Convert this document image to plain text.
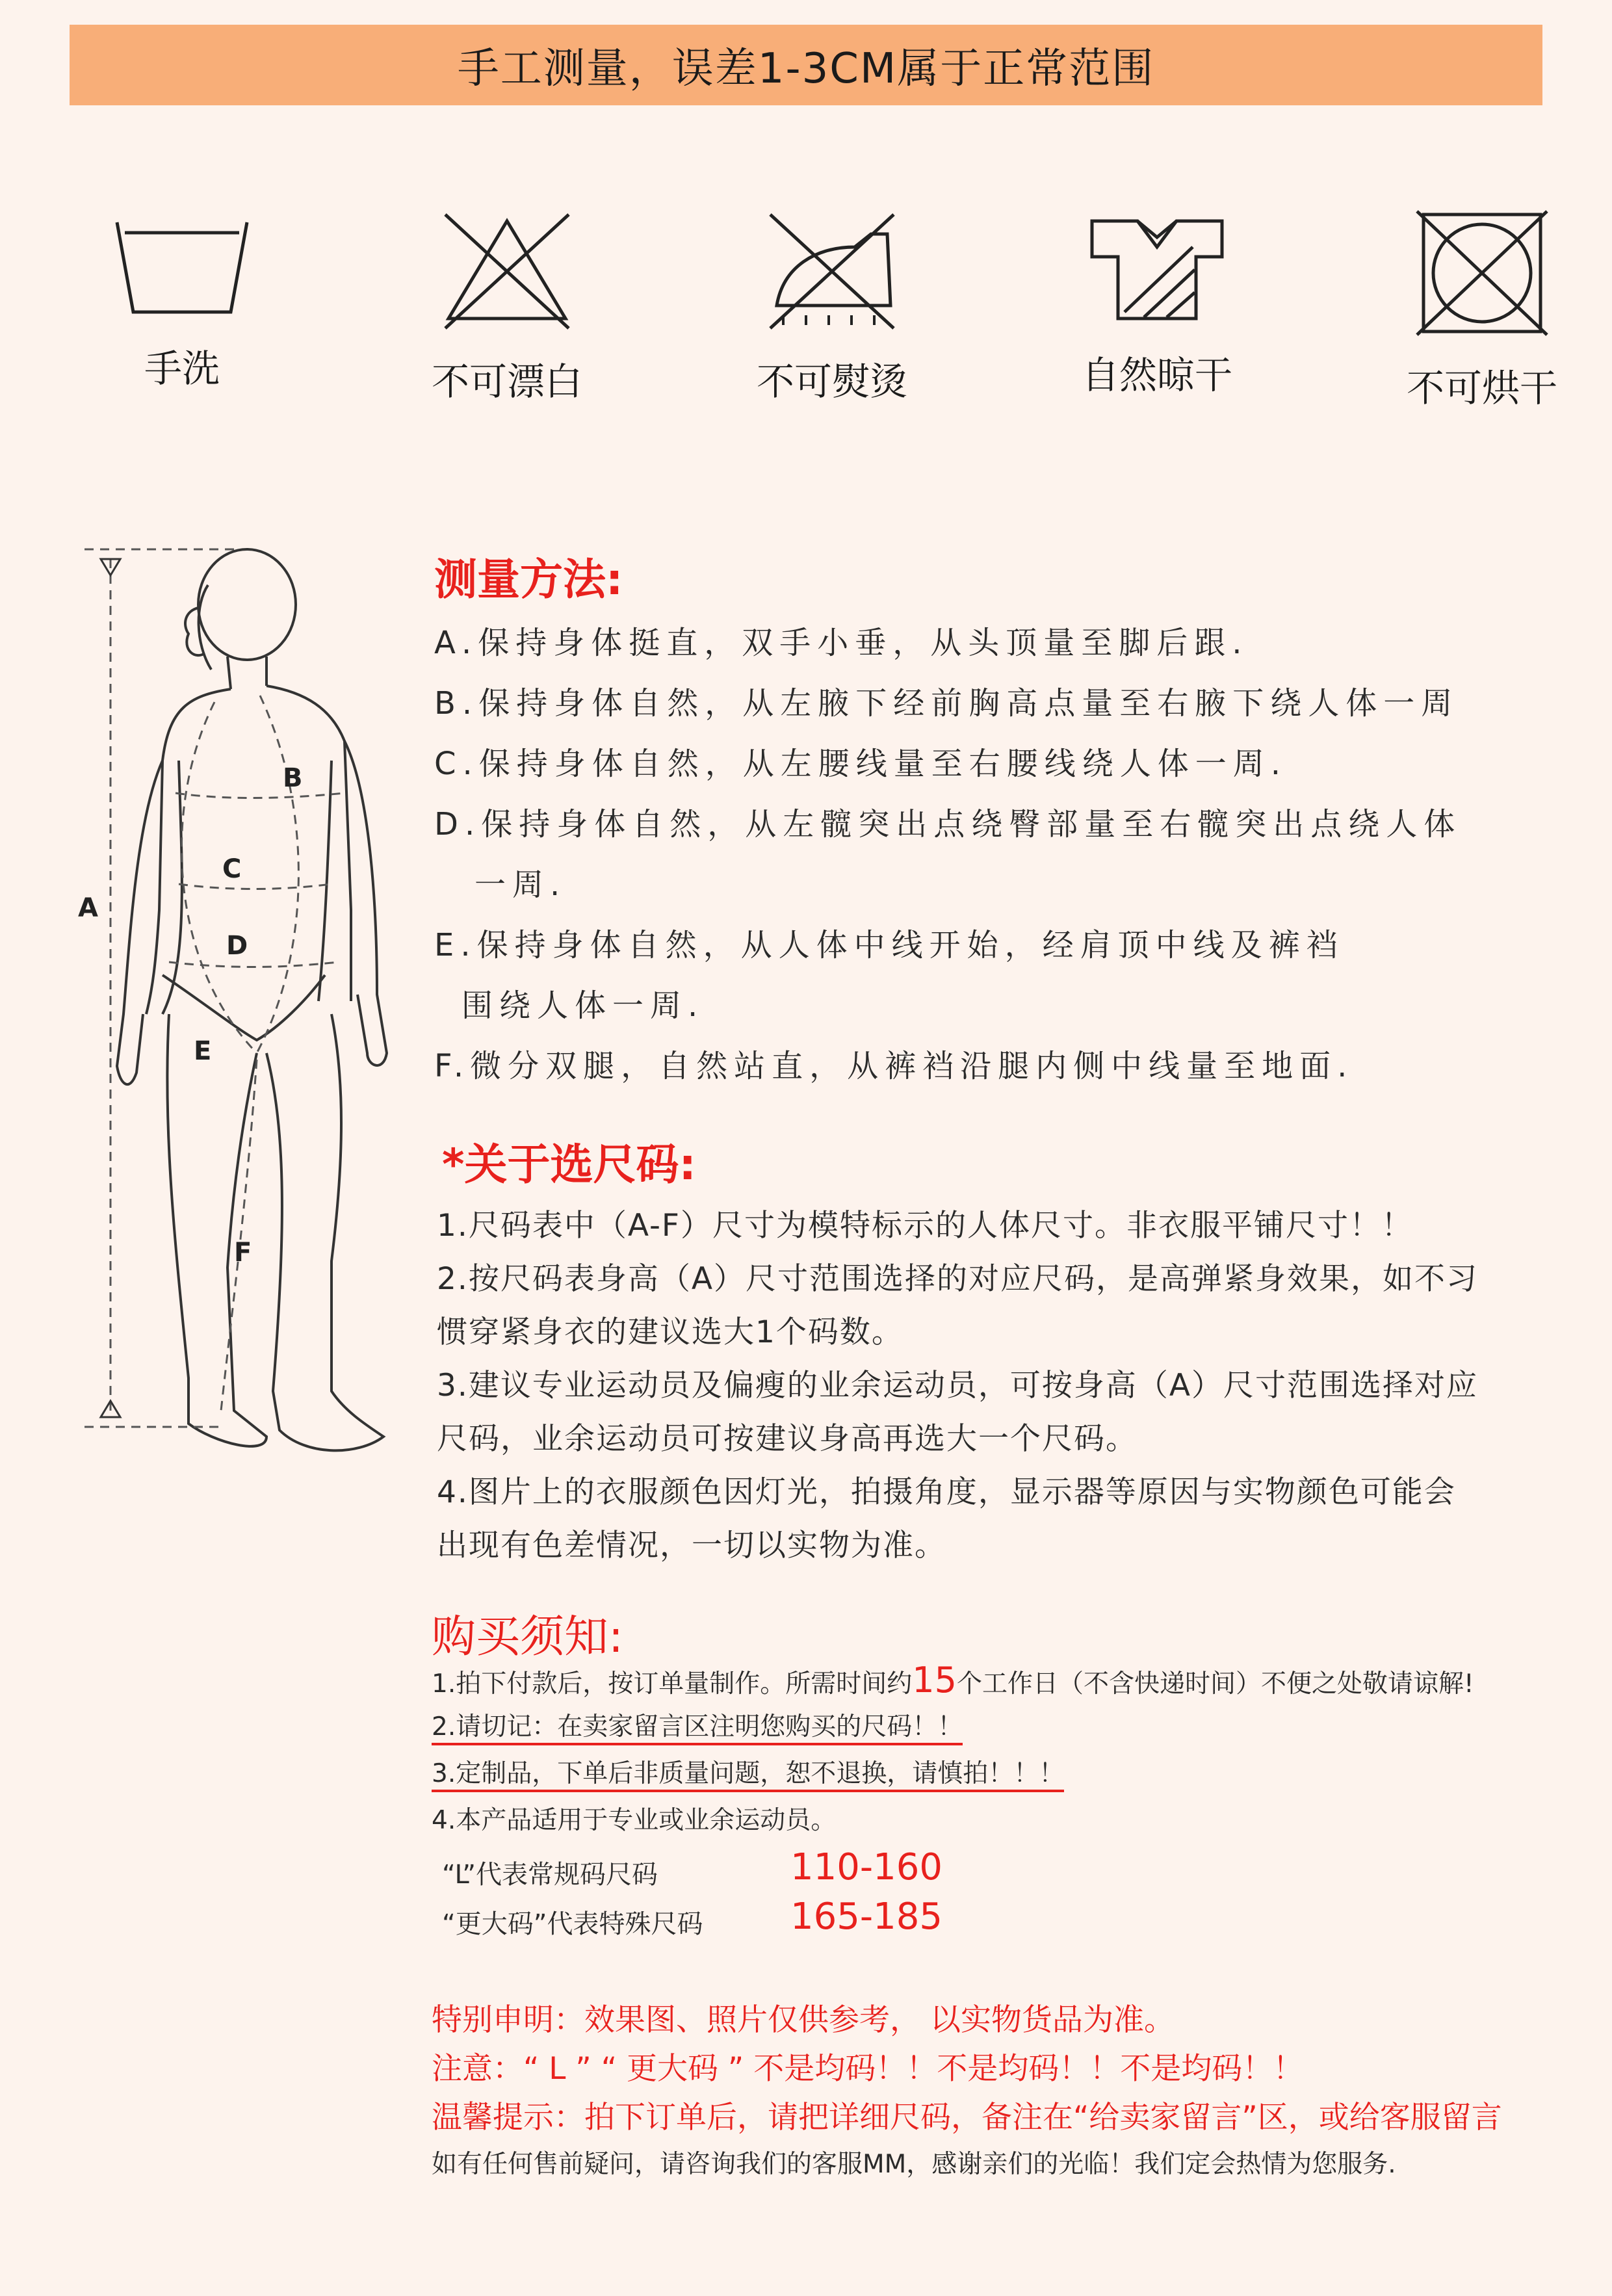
手工测量，误差1-3CM属于正常范围
手洗	不可漂白	不可熨烫	自然晾干	不可烘干
A
B
C
D
E
F
测量方法:
A.保持身体挺直，双手小垂，从头顶量至脚后跟.
B.保持身体自然，从左腋下经前胸高点量至右腋下绕人体一周
C.保持身体自然，从左腰线量至右腰线绕人体一周.
D.保持身体自然，从左髋突出点绕臀部量至右髋突出点绕人体
一周.
E.保持身体自然，从人体中线开始，经肩顶中线及裤裆
围绕人体一周.
F.微分双腿，自然站直，从裤裆沿腿内侧中线量至地面.
*关于选尺码:
1.尺码表中（A-F）尺寸为模特标示的人体尺寸。非衣服平铺尺寸！！
2.按尺码表身高（A）尺寸范围选择的对应尺码，是高弹紧身效果，如不习
惯穿紧身衣的建议选大1个码数。
3.建议专业运动员及偏瘦的业余运动员，可按身高（A）尺寸范围选择对应
尺码，业余运动员可按建议身高再选大一个尺码。
4.图片上的衣服颜色因灯光，拍摄角度，显示器等原因与实物颜色可能会
出现有色差情况，一切以实物为准。
购买须知:
1.拍下付款后，按订单量制作。所需时间约15个工作日（不含快递时间）不便之处敬请谅解!
2.请切记：在卖家留言区注明您购买的尺码！！
3.定制品，下单后非质量问题，恕不退换，请慎拍！！！
4.本产品适用于专业或业余运动员。
“L”代表常规码尺码	110-160
“更大码”代表特殊尺码 165-185
特别申明：效果图、照片仅供参考， 以实物货品为准。
注意：“ L ” “ 更大码 ” 不是均码！！不是均码！！不是均码！！
温馨提示：拍下订单后，请把详细尺码，备注在“给卖家留言”区，或给客服留言
如有任何售前疑问，请咨询我们的客服MM，感谢亲们的光临！我们定会热情为您服务.
